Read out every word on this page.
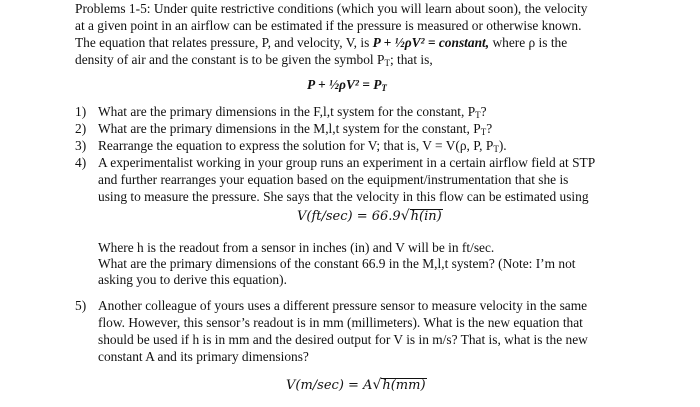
Problems 1-5: Under quite restrictive conditions (which you will learn about soon), the velocity
at a given point in an airflow can be estimated if the pressure is measured or otherwise known.
The equation that relates pressure, P, and velocity, V, is P + ½ρV² = constant, where ρ is the
density of air and the constant is to be given the symbol $P_T$; that is,
P + ½ρV² = $P_T$
1) What are the primary dimensions in the F,l,t system for the constant, $P_T$?
2) What are the primary dimensions in the M,l,t system for the constant, $P_T$?
3) Rearrange the equation to express the solution for V; that is, V = V(ρ, P, $P_T$).
4) A experimentalist working in your group runs an experiment in a certain airflow field at STP
and further rearranges your equation based on the equipment/instrumentation that she is
using to measure the pressure. She says that the velocity in this flow can be estimated using
V(ft/sec) = 66.9√h(in)
Where h is the readout from a sensor in inches (in) and V will be in ft/sec.
What are the primary dimensions of the constant 66.9 in the M,l,t system? (Note: I’m not
asking you to derive this equation).
5) Another colleague of yours uses a different pressure sensor to measure velocity in the same
flow. However, this sensor’s readout is in mm (millimeters). What is the new equation that
should be used if h is in mm and the desired output for V is in m/s? That is, what is the new
constant A and its primary dimensions?
V(m/sec) = A√h(mm)
